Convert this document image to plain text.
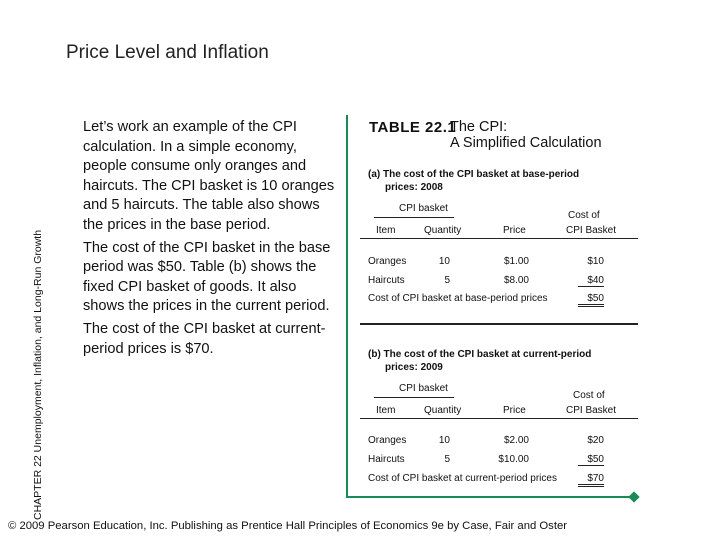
Price Level and Inflation
CHAPTER 22 Unemployment, Inflation, and Long-Run Growth

Let’s work an example of the CPI calculation. In a simple economy, people consume only oranges and haircuts. The CPI basket is 10 oranges and 5 haircuts. The table also shows the prices in the base period.

The cost of the CPI basket in the base period was $50. Table (b) shows the fixed CPI basket of goods. It also shows the prices in the current period.

The cost of the CPI basket at current-period prices is $70.

TABLE 22.1
The CPI:
A Simplified Calculation
(a) The cost of the CPI basket at base-period
prices: 2008
CPI basket
Cost of
Item	Quantity	Price	CPI Basket
Oranges	10	$1.00	$10
Haircuts	5	$8.00	$40
Cost of CPI basket at base-period prices	$50
(b) The cost of the CPI basket at current-period
prices: 2009
CPI basket
Cost of
Item	Quantity	Price	CPI Basket
Oranges	10	$2.00	$20
Haircuts	5	$10.00	$50
Cost of CPI basket at current-period prices	$70
© 2009 Pearson Education, Inc. Publishing as Prentice Hall Principles of Economics 9e by Case, Fair and Oster
